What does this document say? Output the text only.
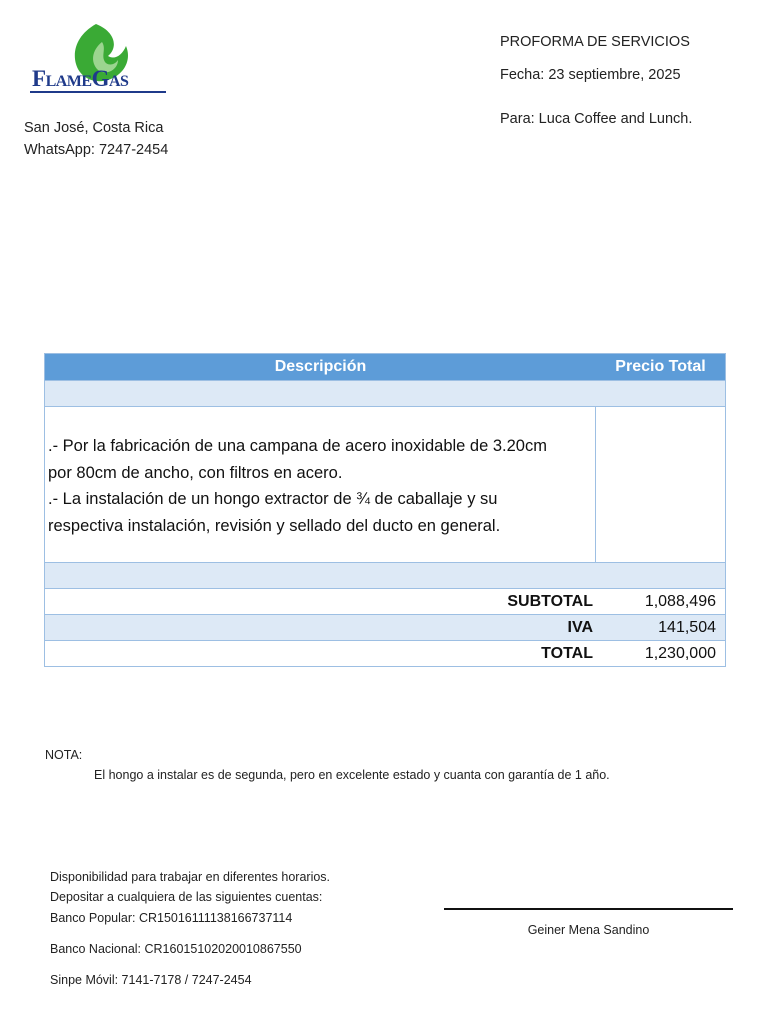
FLAMEGAS
San José, Costa Rica
WhatsApp: 7247-2454
PROFORMA DE SERVICIOS
Fecha: 23 septiembre, 2025
Para: Luca Coffee and Lunch.
Descripción	Precio Total
.- Por la fabricación de una campana de acero inoxidable de 3.20cm
por 80cm de ancho, con filtros en acero.
.- La instalación de un hongo extractor de ¾ de caballaje y su
respectiva instalación, revisión y sellado del ducto en general.
SUBTOTAL	1,088,496
IVA	141,504
TOTAL	1,230,000
NOTA:
El hongo a instalar es de segunda, pero en excelente estado y cuanta con garantía de 1 año.
Disponibilidad para trabajar en diferentes horarios.
Depositar a cualquiera de las siguientes cuentas:
Banco Popular: CR15016111138166737114
Banco Nacional: CR16015102020010867550
Sinpe Móvil: 7141-7178 / 7247-2454
Geiner Mena Sandino
